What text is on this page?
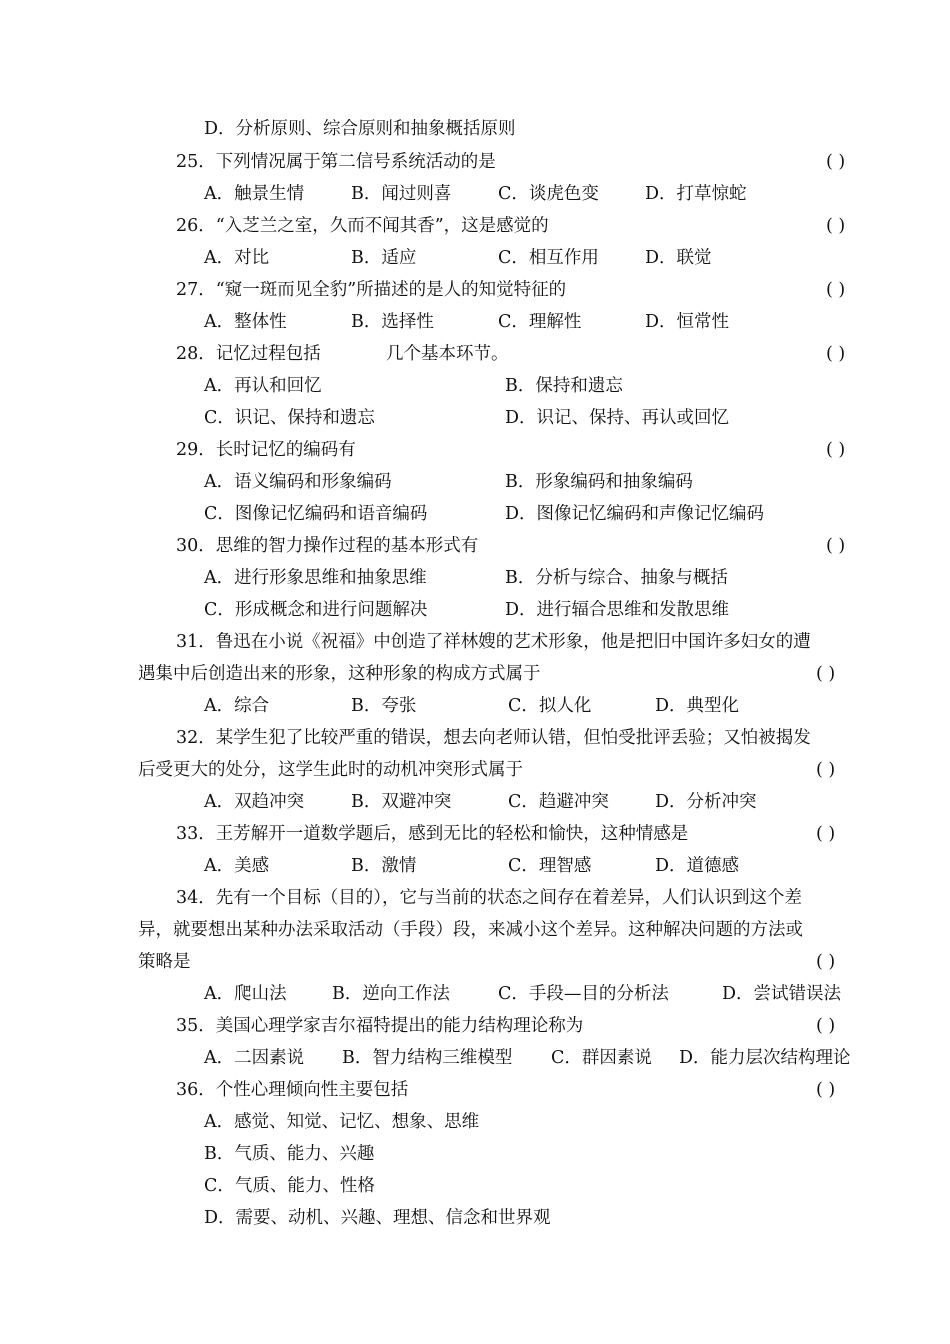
D．分析原则、综合原则和抽象概括原则
25．下列情况属于第二信号系统活动的是	( )
A．触景生情	B．闻过则喜	C．谈虎色变	D．打草惊蛇
26．“入芝兰之室，久而不闻其香”，这是感觉的	( )
A．对比	B．适应	C．相互作用	D．联觉
27．“窥一斑而见全豹”所描述的是人的知觉特征的	( )
A．整体性	B．选择性	C．理解性	D．恒常性
28．记忆过程包括	几个基本环节。	( )
A．再认和回忆	B．保持和遗忘
C．识记、保持和遗忘	D．识记、保持、再认或回忆
29．长时记忆的编码有	( )
A．语义编码和形象编码	B．形象编码和抽象编码
C．图像记忆编码和语音编码	D．图像记忆编码和声像记忆编码
30．思维的智力操作过程的基本形式有	( )
A．进行形象思维和抽象思维	B．分析与综合、抽象与概括
C．形成概念和进行问题解决	D．进行辐合思维和发散思维
31．鲁迅在小说《祝福》中创造了祥林嫂的艺术形象，他是把旧中国许多妇女的遭
遇集中后创造出来的形象，这种形象的构成方式属于	( )
A．综合	B．夸张	C．拟人化	D．典型化
32．某学生犯了比较严重的错误，想去向老师认错，但怕受批评丢验；又怕被揭发
后受更大的处分，这学生此时的动机冲突形式属于	( )
A．双趋冲突	B．双避冲突	C．趋避冲突	D．分析冲突
33．王芳解开一道数学题后，感到无比的轻松和愉快，这种情感是	( )
A．美感	B．激情	C．理智感	D．道德感
34．先有一个目标（目的），它与当前的状态之间存在着差异，人们认识到这个差
异，就要想出某种办法采取活动（手段）段，来减小这个差异。这种解决问题的方法或
策略是	( )
A．爬山法	B．逆向工作法	C．手段—目的分析法	D．尝试错误法
35．美国心理学家吉尔福特提出的能力结构理论称为	( )
A．二因素说 B．智力结构三维模型 C．群因素说 D．能力层次结构理论
36．个性心理倾向性主要包括	( )
A．感觉、知觉、记忆、想象、思维
B．气质、能力、兴趣
C．气质、能力、性格
D．需要、动机、兴趣、理想、信念和世界观
